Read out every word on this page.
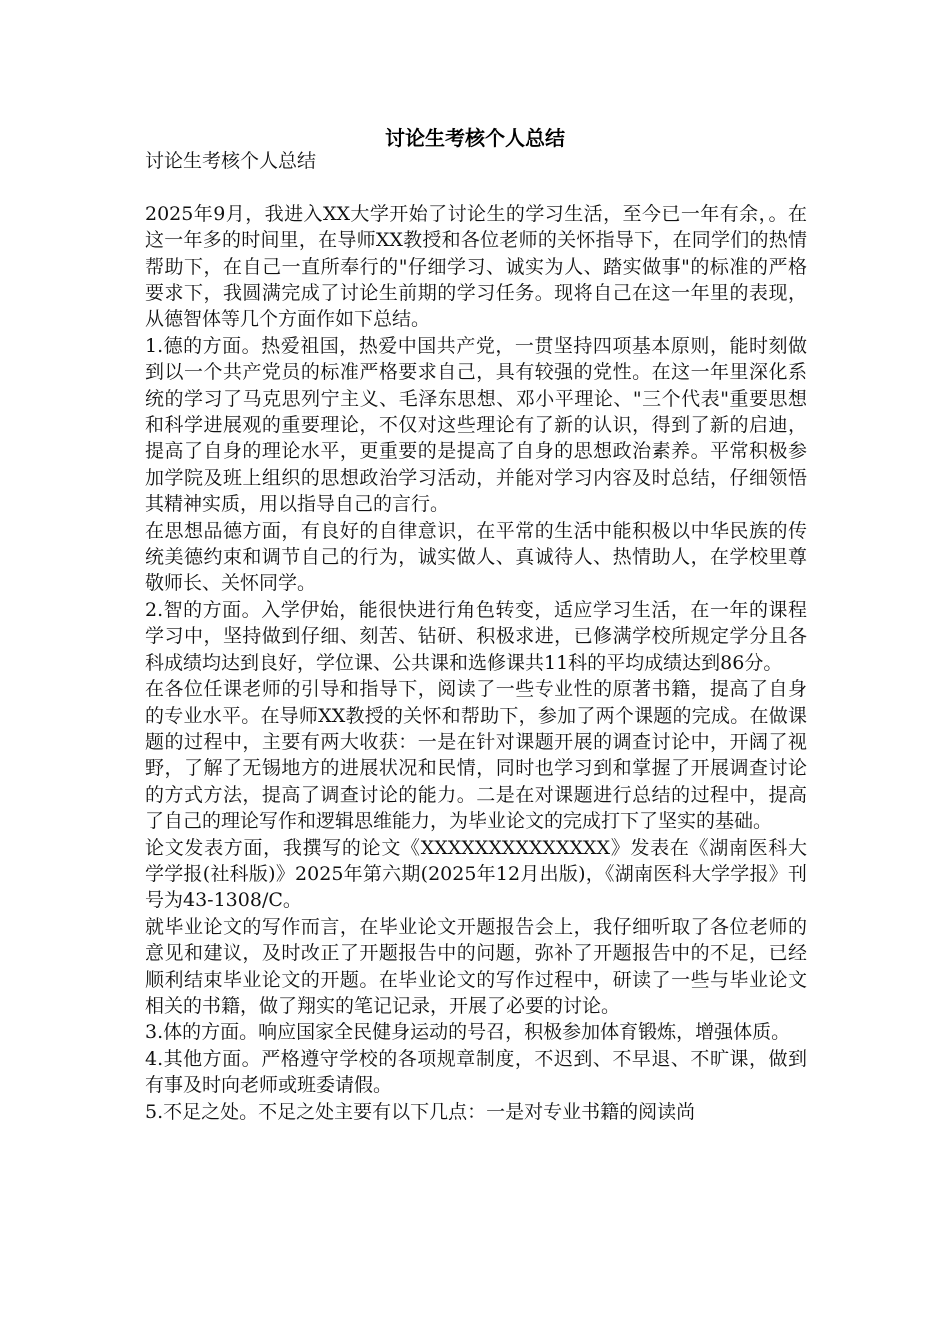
讨论生考核个人总结

讨论生考核个人总结

2025年9月，我进入XX大学开始了讨论生的学习生活，至今已一年有余，。在这一年多的时间里，在导师XX教授和各位老师的关怀指导下，在同学们的热情帮助下，在自己一直所奉行的"仔细学习、诚实为人、踏实做事"的标准的严格要求下，我圆满完成了讨论生前期的学习任务。现将自己在这一年里的表现，从德智体等几个方面作如下总结。

1.德的方面。热爱祖国，热爱中国共产党，一贯坚持四项基本原则，能时刻做到以一个共产党员的标准严格要求自己，具有较强的党性。在这一年里深化系统的学习了马克思列宁主义、毛泽东思想、邓小平理论、"三个代表"重要思想和科学进展观的重要理论，不仅对这些理论有了新的认识，得到了新的启迪，提高了自身的理论水平，更重要的是提高了自身的思想政治素养。平常积极参加学院及班上组织的思想政治学习活动，并能对学习内容及时总结，仔细领悟其精神实质，用以指导自己的言行。

在思想品德方面，有良好的自律意识，在平常的生活中能积极以中华民族的传统美德约束和调节自己的行为，诚实做人、真诚待人、热情助人，在学校里尊敬师长、关怀同学。

2.智的方面。入学伊始，能很快进行角色转变，适应学习生活，在一年的课程学习中，坚持做到仔细、刻苦、钻研、积极求进，已修满学校所规定学分且各科成绩均达到良好，学位课、公共课和选修课共11科的平均成绩达到86分。

在各位任课老师的引导和指导下，阅读了一些专业性的原著书籍，提高了自身的专业水平。在导师XX教授的关怀和帮助下，参加了两个课题的完成。在做课题的过程中，主要有两大收获：一是在针对课题开展的调查讨论中，开阔了视野，了解了无锡地方的进展状况和民情，同时也学习到和掌握了开展调查讨论的方式方法，提高了调查讨论的能力。二是在对课题进行总结的过程中，提高了自己的理论写作和逻辑思维能力，为毕业论文的完成打下了坚实的基础。

论文发表方面，我撰写的论文《XXXXXXXXXXXXXX》发表在《湖南医科大学学报(社科版)》2025年第六期(2025年12月出版)，《湖南医科大学学报》刊号为43-1308/C。

就毕业论文的写作而言，在毕业论文开题报告会上，我仔细听取了各位老师的意见和建议，及时改正了开题报告中的问题，弥补了开题报告中的不足，已经顺利结束毕业论文的开题。在毕业论文的写作过程中，研读了一些与毕业论文相关的书籍，做了翔实的笔记记录，开展了必要的讨论。

3.体的方面。响应国家全民健身运动的号召，积极参加体育锻炼，增强体质。

4.其他方面。严格遵守学校的各项规章制度，不迟到、不早退、不旷课，做到有事及时向老师或班委请假。

5.不足之处。不足之处主要有以下几点：一是对专业书籍的阅读尚
